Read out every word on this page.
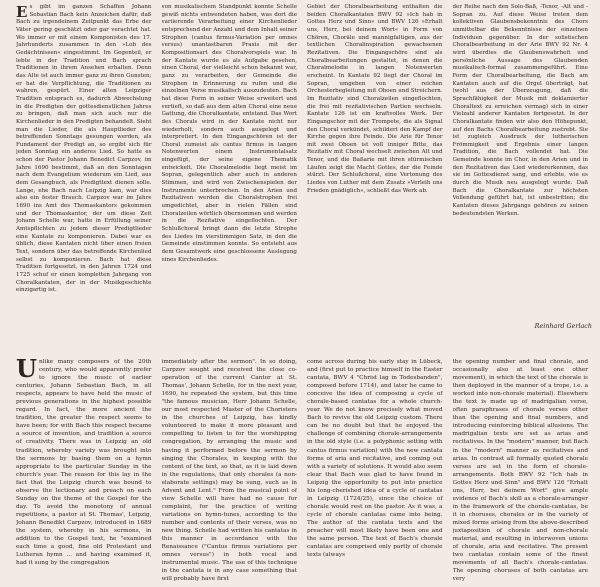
Es gibt im ganzen Schaffen Johann Sebastian Bach kein Anzeichen dafür, daß Bach zu irgendeinem Zeitpunkt das Erbe der Väter gering geschätzt oder gar verachtet hat. Wo immer er mit einem Komponisten des 17. Jahrhunderts zusammen in den »Lob des Gedächtnissen« eingestimmt. Im Gegenteil, er lebte in der Tradition und Bach sprach Traditionen in ihrem Ansehen erhalten. Denn das Alte ist auch immer ganz zu ihren Gunsten; er hat die Verpflichtung, die Traditionen zu wahren, gespürt. Einer alten Leipziger Tradition entsprach es, dadurch Abwechslung in die Predigten der gottesdienstlichen Jahres zu bringen, daß man sich auch nur die Kirchenlieder in den Predigten behandelt. Sieht man die Lieder, die als Hauptlieder des betreffenden Sonntags gesungen werden, als Fundament der Predigt an, so ergibt sich für jeden Sonntag ein anderes Lied. So hatte es schon der Pastor Johann Benedict Carpzov, im Jahre 1690 bestimmt, daß an den Sonntagen nach dem Evangelium wiederum ein Lied, aus dem Gesangbuch, als Predigttext dienen solle. Lange, ehe Bach nach Leipzig kam, war dies also ein fester Brauch. Carpzov war im Jahre 1690 ins Amt des Thomaskantors gekommen und der Thomaskantor, der um diese Zeit Johann Schelle war, hatte in Erfüllung seiner Amtspflichten zu jedem dieser Predigtlieder eine Kantate zu komponieren. Dabei war es üblich, diese Kantaten nicht über einen freien Text, sondern über das betreffende Kirchenlied selbst zu komponieren. Bach hat diese Tradition fortgesetzt, in den Jahren 1724 und 1725 schuf er einen kompletten Jahrgang von Choralkantaten, der in der Musikgeschichte einzigartig ist.
von musikalischem Standpunkt konnte Schelle gewiß nichts entwendeten haben, was dort die variierende Verarbeitung einer Kirchenlieder entsprechend der Anzahl und dem Inhalt seiner Strophen (cantus firmus-Variation per omnes versus) unantastbaren Praxis mit der Kompositionsart des Choralvorspiels war. In der Kantate wurde es als Aufgabe gesehen, einen Choral, der vielleicht schon bekannt war, ganz zu verarbeiten, der Gemeinde die Strophen in Erinnerung zu rufen und die einzelnen Verse musikalisch auszudeuten. Bach hat diese Form in seiner Weise erweitert und vertieft, so daß aus dem alten Choral eine neue Gattung, die Choralkantate, entstand. Das Wort des Chorals wird in der Kantate nicht nur wiederholt, sondern auch ausgelegt und interpretiert. In den Eingangschören ist der Choral zumeist als cantus firmus in langen Notenwerten einem Instrumentalsatz eingefügt, der seine eigene Thematik entwickelt. Die Choralmelodie liegt meist im Sopran, gelegentlich aber auch in anderen Stimmen, und wird von Zwischenspielen der Instrumente unterbrochen. In den Arien und Rezitativen werden die Choralstrophen frei umgedichtet, aber in vielen Fällen sind Choralzeilen wörtlich übernommen und werden in die Rezitative eingeflochten. Der Schlußchoral bringt dann die letzte Strophe des Liedes im vierstimmigen Satz, in den die Gemeinde einstimmen konnte. So entsteht aus dem Gesamtwerk eine geschlossene Auslegung eines Kirchenliedes.
Gebiet der Choralbearbeitung enthalten die beiden Choralkantaten BWV 92 »Ich hab in Gottes Herz und Sinn« und BWV 126 »Erhalt uns, Herr, bei deinem Wort« in Form von Chören, Choräle und mannigfaltigen, aus der textlichen Choralinspiration gewachsenen Rezitativen. Die Eingangschöre sind als Choralbearbeitungen gestaltet, in denen die Choralmelodie in langen Notenwerten erscheint. In Kantate 92 liegt der Choral im Sopran, umgeben von einer reichen Orchesterbegleitung mit Oboen und Streichern. Im Rezitativ sind Choralzeilen eingeflochten, die frei mit rezitativischen Partien wechseln. Kantate 126 ist ein kraftvolles Werk. Der Eingangschor mit der Trompete, die als Signal den Choral verkündet, schildert den Kampf der Kirche gegen ihre Feinde. Die Arie für Tenor mit zwei Oboen ist voll inniger Bitte, das Rezitativ mit Choral wechselt zwischen Alt und Tenor, und die Baßarie mit ihren stürmischen Läufen zeigt die Macht Gottes, der die Feinde stürzt. Der Schlußchoral, eine Vertonung des Liedes von Luther mit dem Zusatz »Verleih uns Frieden gnädiglich«, schließt das Werk ab.
der Reihe nach den Solo-Baß, -Tenor, -Alt und -Sopran zu. Auf diese Weise treten dem kollektiven Glaubensbekenntnis des Chors unmittelbar die Bekenntnisse der einzelnen Individuen gegenüber. In der solistischen Choralbearbeitung in der Arie BWV 92 Nr. 4 wird überdies die Glaubenswahrheit und persönliche Aussage des Glaubenden musikalisch-formal zusammengeführt. Eine Form der Choralbearbeitung, die Bach am Kantaten auch auf die Orgel überträgt, hat (wohl aus der Überzeugung, daß die Sprachfähigkeit der Musik mit deklamierter Choraltext zu erreichen vermag) sich in einer Vielzahl anderer Kantaten fortgesetzt. In der Choralkantate finden wir also den Höhepunkt, auf den Bachs Choralbearbeitung zustrebt. Sie ist zugleich Ausdruck der lutherischen Frömmigkeit und Ergebnis einer langen Tradition, die Bach vollendet hat. Die Gemeinde konnte im Chor, in den Arien und in den Rezitativen das Lied wiedererkennen, das sie im Gottesdienst sang, und erlebte, wie es durch die Musik neu ausgelegt wurde. Daß Bach die Choralkantate zur höchsten Vollendung geführt hat, ist unbestritten; die Kantaten dieses Jahrgangs gehören zu seinen bedeutendsten Werken.
Reinhard Gerlach
Unlike many composers of the 20th century, who would apparently prefer to ignore the music of earlier centuries, Johann Sebastian Bach, in all respects, appears to have held the music of previous generations in the highest possible regard. In fact, the more ancient the tradition, the greater the respect seems to have been; for with Bach this respect became a source of invention, and tradition a source of creativity. There was in Leipzig an old tradition, whereby variety was brought into the sermons by basing them on a hymn appropriate to the particular Sunday in the church's year. The reason for this lay in the fact that the Leipzig church was bound to observe the lectionary and preach on each Sunday on the theme of the Gospel for the day. To avoid the monotony of annual repetitions, a pastor at St. Thomas', Leipzig, Johann Benedikt Carpzov, introduced in 1689 the system, whereby in his sermons, in addition to the Gospel text, he "examined each time a good, fine old Protestant and Lutheran hymn ... and having examined it, had it sung by the congregation
immediately after the sermon". In so doing, Carpzov sought and received the close co-operation of the current Cantor at St. Thomas', Johann Schelle, for in the next year, 1690, he repeated the system, but this time "the famous musician, Herr Johann Schelle, our most respected Master of the Choristers in the churches of Leipzig, has kindly volunteered to make it more pleasant and compelling to listen to for the worshipping congregation, by arranging the music and having it performed before the sermon by singing the Chorales, in keeping with the content of the text, so that, as it is laid down in the regulations, that only chorales (a non-elaborate settings) may be sung, such as in Advent and Lent." From the musical point of view Schelle will have had no cause for complaint, for the practice of writing variations on hymn-tunes, according to the number and contents of their verses, was no new thing. Schelle had written his cantatas in this manner in accordance with the Renaissance ("Cantus firmus variations per omnes versus") in both vocal and instrumental music. The use of this technique in the cantata is in any case something that will probably have first
come across during his early stay in Lübeck, and (first put to practice himself in the Easter cantata, BWV 4 "Christ lag in Todesbanden", composed before 1714), and later he came to conceive the idea of composing a cycle of chorale-based cantatas for a whole church-year. We do not know precisely what moved Bach to revive the old Leipzig custom. There can be no doubt but that he enjoyed the challenge of combining chorale-arrangements in the old style (i.e. a polyphonic setting with cantus firmus variation) with the new cantata forms of aria and recitative, and coming out with a variety of solutions. It would also seem clear that Bach was glad to have found in Leipzig the opportunity to put into practice his long-cherished idea of a cycle of cantatas in Leipzig (1724/25), since the choice of chorale would rest on the pastor. As it was, a cycle of chorale cantatas came into being. The author of the cantata texts and the preacher will most likely have been one and the same person. The text of Bach's chorale cantatas are comprised only partly of chorale texts (always
the opening number and final chorale, and occasionally also at least one other movement), in which the text of the chorale is then deployed in the manner of a trope, i.e. a worked into non-chorale material). Elsewhere the text is made up of madrigalian verse, often paraphrases of chorale verses other than the opening and final numbers, and introducing reinforcing biblical allusions. The madrigalian texts are set as arias and recitatives. In the "modern" manner, but Bach in the "modern" manner as recitatives and arias. In contrast all formally quoted chorale verses are set in the form of chorale-arrangements. Both BWV 92 "Ich hab in Gottes Herz und Sinn" and BWV 126 "Erhalt uns, Herr, bei deinem Wort" give ample evidence of Bach's skill as a chorale-arranger in the framework of the chorale-cantatas, be it in choruses, chorales or in the variety of mixed forms arising from the above-described juxtaposition of chorale and non-chorale material, and resulting in interwoven unions of chorale, aria and recitative. The present two cantatas contain some of the finest movements of all Bach's chorale-cantatas. The opening choruses of both cantatas are very
